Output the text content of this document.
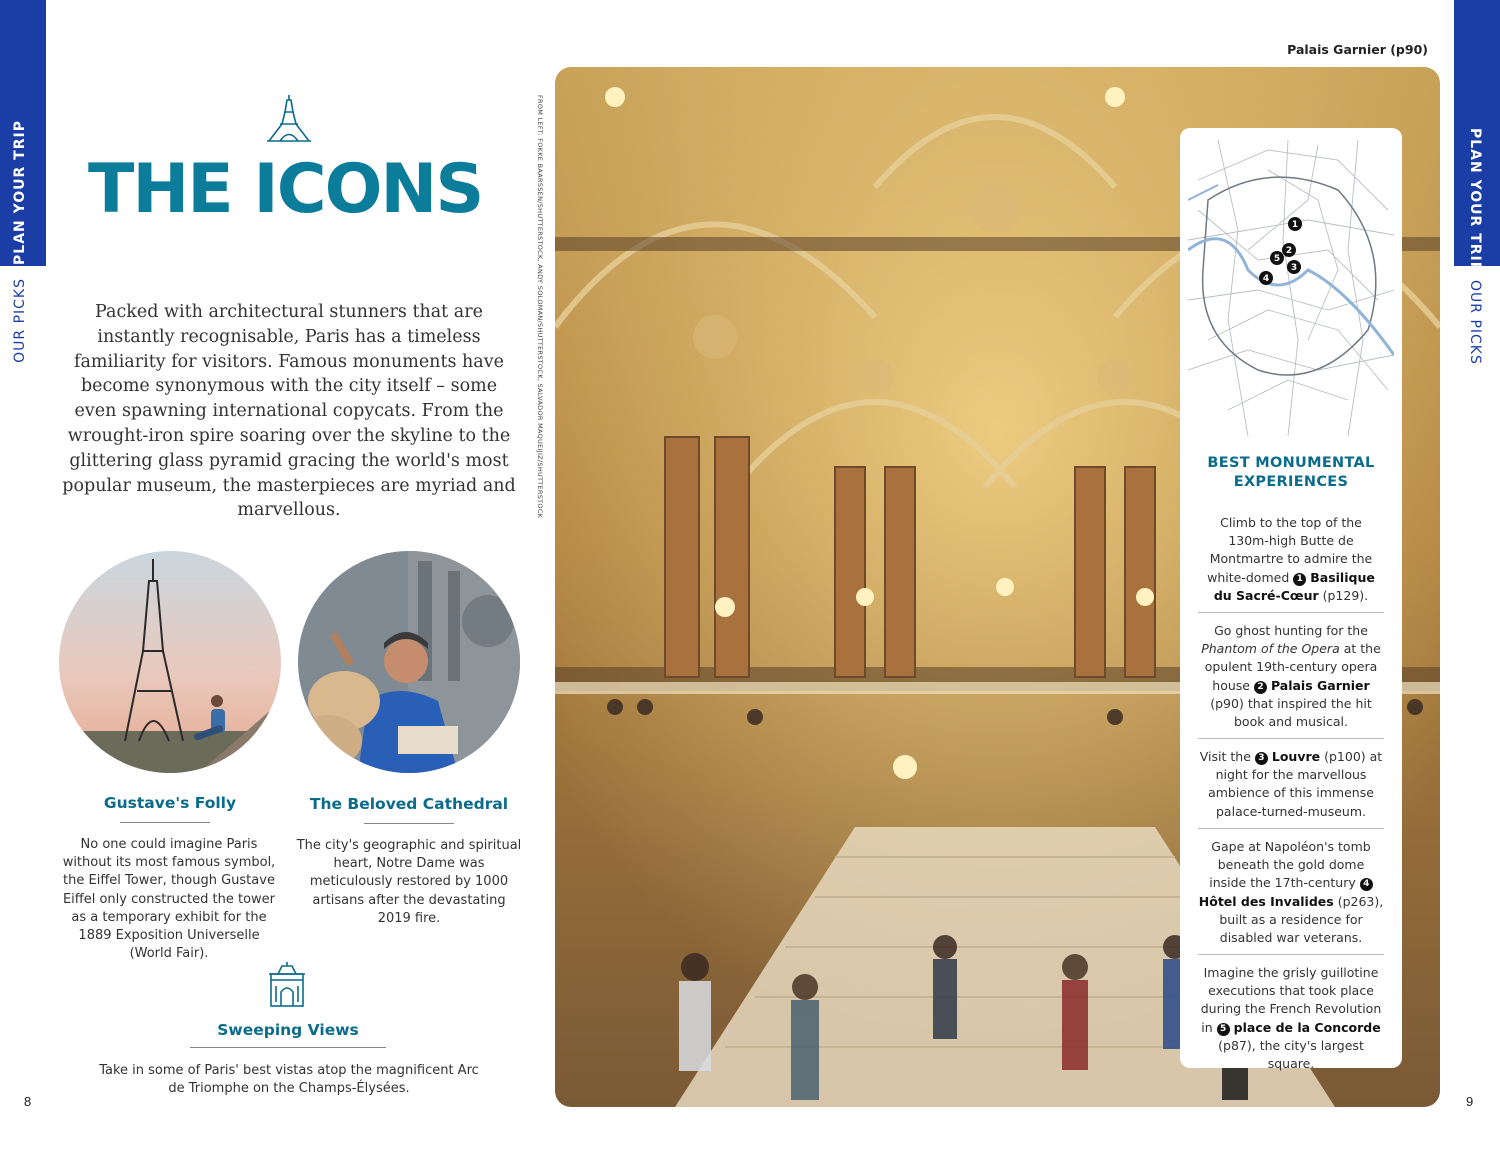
PLAN YOUR TRIP
OUR PICKS
PLAN YOUR TRIP
OUR PICKS
8	9
THE ICONS

Packed with architectural stunners that are instantly recognisable, Paris has a timeless familiarity for visitors. Famous monuments have become synonymous with the city itself – some even spawning international copycats. From the wrought-iron spire soaring over the skyline to the glittering glass pyramid gracing the world's most popular museum, the masterpieces are myriad and marvellous.

Gustave's Folly

No one could imagine Paris without its most famous symbol, the Eiffel Tower, though Gustave Eiffel only constructed the tower as a temporary exhibit for the 1889 Exposition Universelle (World Fair).

The Beloved Cathedral

The city's geographic and spiritual heart, Notre Dame was meticulously restored by 1000 artisans after the devastating 2019 fire.

Sweeping Views

Take in some of Paris' best vistas atop the magnificent Arc de Triomphe on the Champs-Élysées.

FROM LEFT: FOKKE BAARSSEN/SHUTTERSTOCK, ANDY SOLOMAN/SHUTTERSTOCK, SALVADOR MAQUEIJIZ/SHUTTERSTOCK
Palais Garnier (p90)
1
2
3
4
5
BEST MONUMENTAL EXPERIENCES

Climb to the top of the 130m-high Butte de Montmartre to admire the white-domed 1 Basilique du Sacré-Cœur (p129).

Go ghost hunting for the Phantom of the Opera at the opulent 19th-century opera house 2 Palais Garnier (p90) that inspired the hit book and musical.

Visit the 3 Louvre (p100) at night for the marvellous ambience of this immense palace-turned-museum.

Gape at Napoléon's tomb beneath the gold dome inside the 17th-century 4 Hôtel des Invalides (p263), built as a residence for disabled war veterans.

Imagine the grisly guillotine executions that took place during the French Revolution in 5 place de la Concorde (p87), the city's largest square.
